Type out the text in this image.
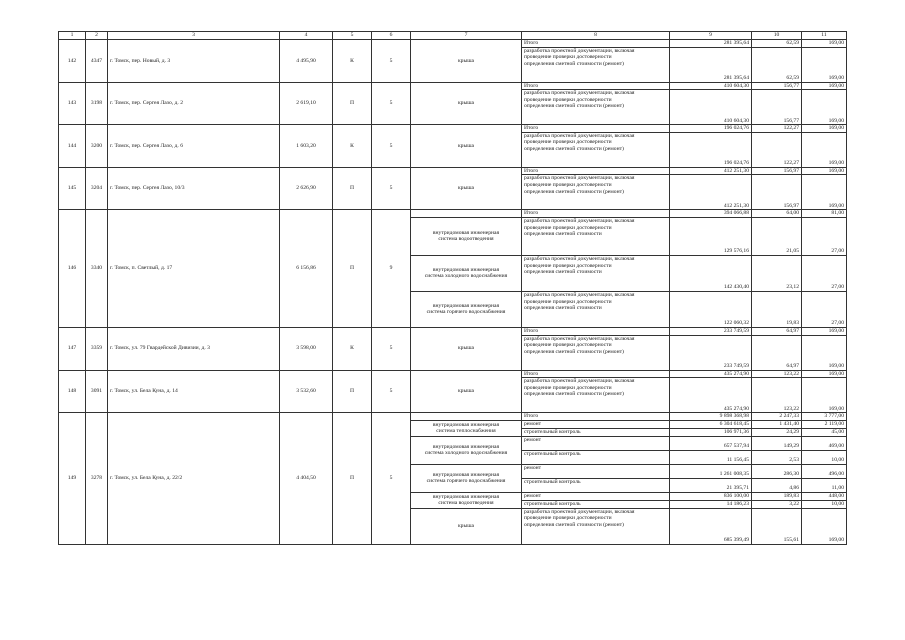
1	2	3	4	5	6	7	8	9	10	11
142	4347	г. Томск, пер. Новый, д. 3	4 495,90	К	5	крыша	Итого	281 395,64	62,59	169,00
							разработка проектной документации, включая
проведение проверки достоверности
определения сметной стоимости (ремонт)	281 395,64	62,59	169,00
143	3198	г. Томск, пер. Сергея Лазо, д. 2	2 619,10	П	5	крыша	Итого	410 604,30	156,77	169,00
							разработка проектной документации, включая
проведение проверки достоверности
определения сметной стоимости (ремонт)	410 604,30	156,77	169,00
144	3200	г. Томск, пер. Сергея Лазо, д. 6	1 603,20	К	5	крыша	Итого	196 024,76	122,27	169,00
							разработка проектной документации, включая
проведение проверки достоверности
определения сметной стоимости (ремонт)	196 024,76	122,27	169,00
145	3204	г. Томск, пер. Сергея Лазо, 10/3	2 626,90	П	5	крыша	Итого	412 251,30	156,97	169,00
							разработка проектной документации, включая
проведение проверки достоверности
определения сметной стоимости (ремонт)	412 251,30	156,97	169,00
146	3340	г. Томск, п. Светлый, д. 17	6 156,86	П	9		Итого	394 066,88	64,00	81,00
						внутридомовая инженерная
система водоотведения	разработка проектной документации, включая
проведение проверки достоверности
определения сметной стоимости	129 576,16	21,05	27,00
						внутридомовая инженерная
система холодного водоснабжения	разработка проектной документации, включая
проведение проверки достоверности
определения сметной стоимости	142 430,40	23,12	27,00
						внутридомовая инженерная
система горячего водоснабжения	разработка проектной документации, включая
проведение проверки достоверности
определения сметной стоимости	122 060,32	19,83	27,00
147	3359	г. Томск, ул. 79 Гвардейской Дивизии, д. 3	3 598,00	К	5	крыша	Итого	233 749,59	64,97	169,00
							разработка проектной документации, включая
проведение проверки достоверности
определения сметной стоимости (ремонт)	233 749,59	64,97	169,00
148	3091	г. Томск, ул. Бела Куна, д. 14	3 532,60	П	5	крыша	Итого	435 274,90	123,22	169,00
							разработка проектной документации, включая
проведение проверки достоверности
определения сметной стоимости (ремонт)	435 274,90	123,22	169,00
149	3278	г. Томск, ул. Бела Куна, д. 22/2	4 404,50	П	5		Итого	9 898 368,98	2 247,33	3 777,00
						внутридомовая инженерная
система теплоснабжения	ремонт	6 304 618,45	1 431,40	2 119,00
							строительный контроль	106 971,36	24,29	45,00
						внутридомовая инженерная
система холодного водоснабжения	ремонт	657 537,94	149,29	469,00
							строительный контроль	11 156,45	2,53	10,00
						внутридомовая инженерная
система горячего водоснабжения	ремонт	1 261 008,35	286,30	496,00
							строительный контроль	21 395,71	4,86	11,00
						внутридомовая инженерная
система водоотведения	ремонт	836 100,00	189,83	448,00
							строительный контроль	14 186,23	3,22	10,00
						крыша	разработка проектной документации, включая
проведение проверки достоверности
определения сметной стоимости (ремонт)	685 399,49	155,61	169,00
